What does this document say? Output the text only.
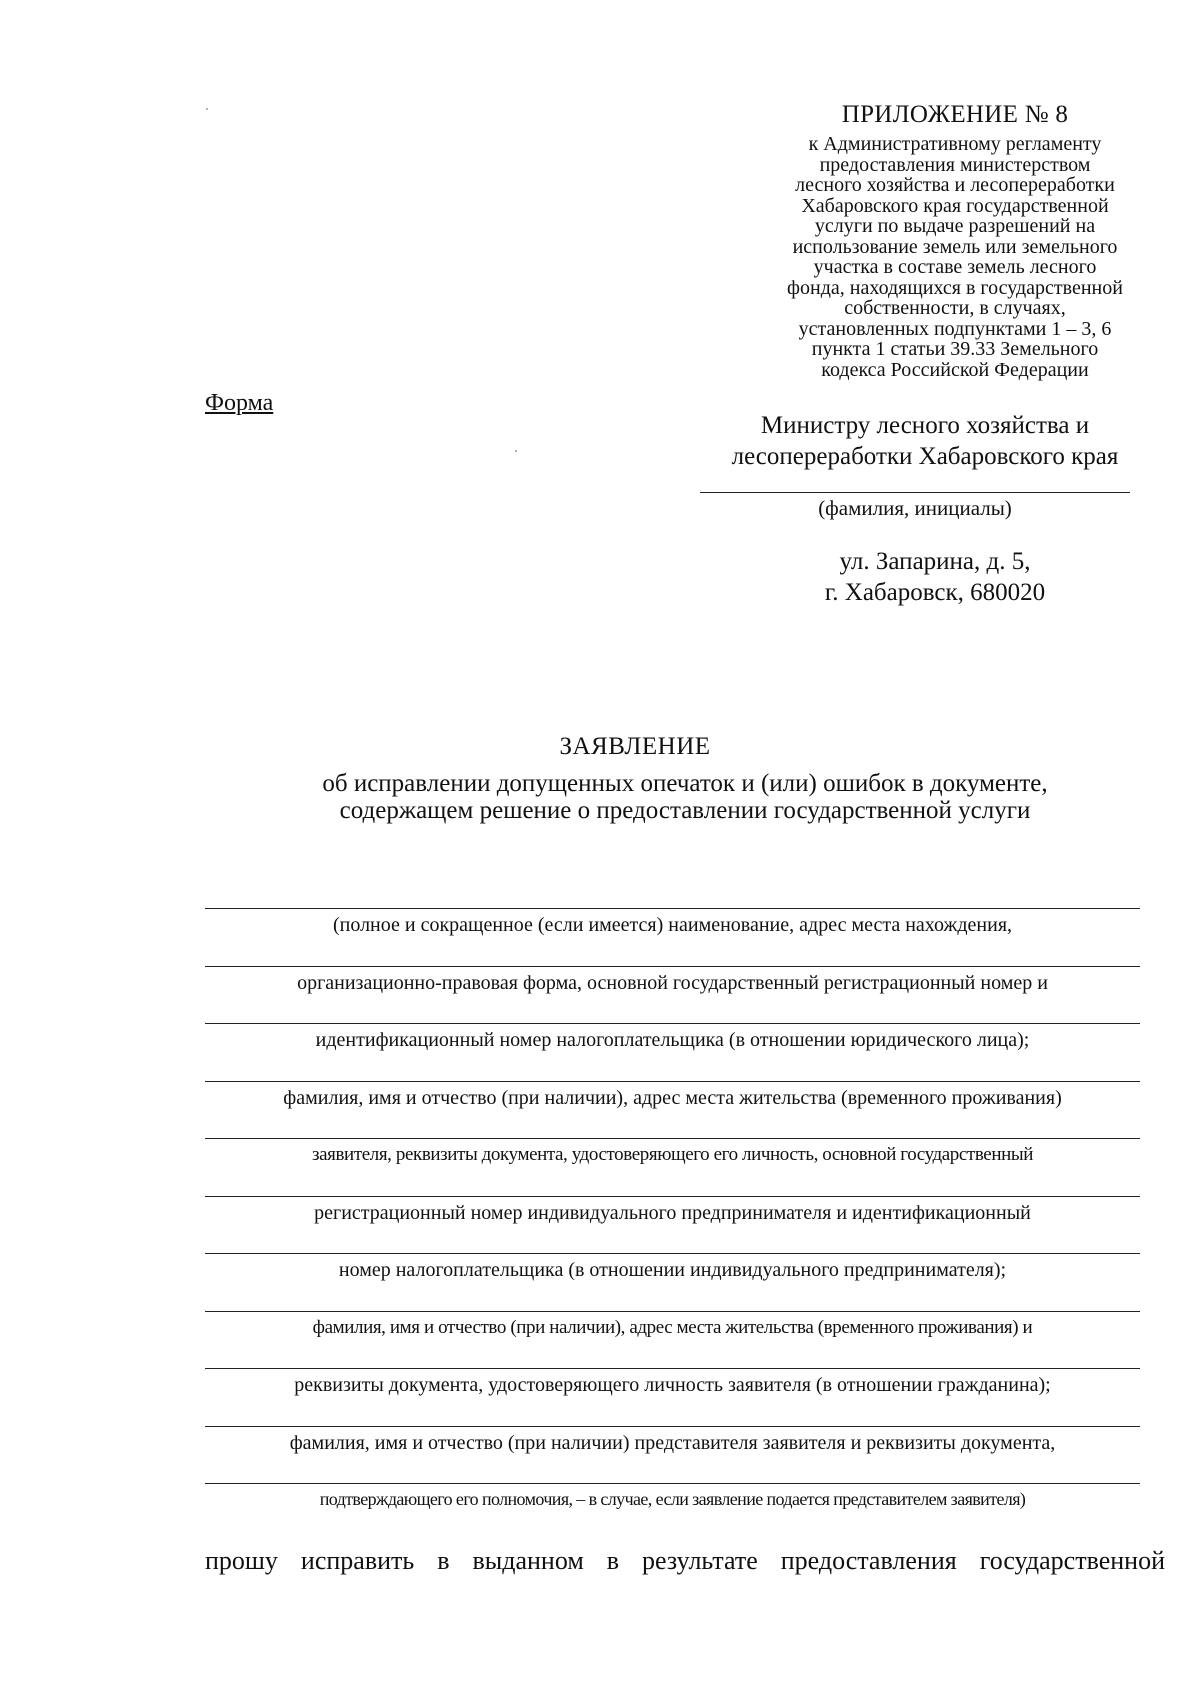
ПРИЛОЖЕНИЕ № 8
к Административному регламенту
предоставления министерством
лесного хозяйства и лесопереработки
Хабаровского края государственной
услуги по выдаче разрешений на
использование земель или земельного
участка в составе земель лесного
фонда, находящихся в государственной
собственности, в случаях,
установленных подпунктами 1 – 3, 6
пункта 1 статьи 39.33 Земельного
кодекса Российской Федерации
Форма
Министру лесного хозяйства и
лесопереработки Хабаровского края
(фамилия, инициалы)
ул. Запарина, д. 5,
г. Хабаровск, 680020
ЗАЯВЛЕНИЕ
об исправлении допущенных опечаток и (или) ошибок в документе,
содержащем решение о предоставлении государственной услуги
(полное и сокращенное (если имеется) наименование, адрес места нахождения,
организационно-правовая форма, основной государственный регистрационный номер и
идентификационный номер налогоплательщика (в отношении юридического лица);
фамилия, имя и отчество (при наличии), адрес места жительства (временного проживания)
заявителя, реквизиты документа, удостоверяющего его личность, основной государственный
регистрационный номер индивидуального предпринимателя и идентификационный
номер налогоплательщика (в отношении индивидуального предпринимателя);
фамилия, имя и отчество (при наличии), адрес места жительства (временного проживания) и
реквизиты документа, удостоверяющего личность заявителя (в отношении гражданина);
фамилия, имя и отчество (при наличии) представителя заявителя и реквизиты документа,
подтверждающего его полномочия, – в случае, если заявление подается представителем заявителя)
прошу исправить в выданном в результате предоставления государственной
